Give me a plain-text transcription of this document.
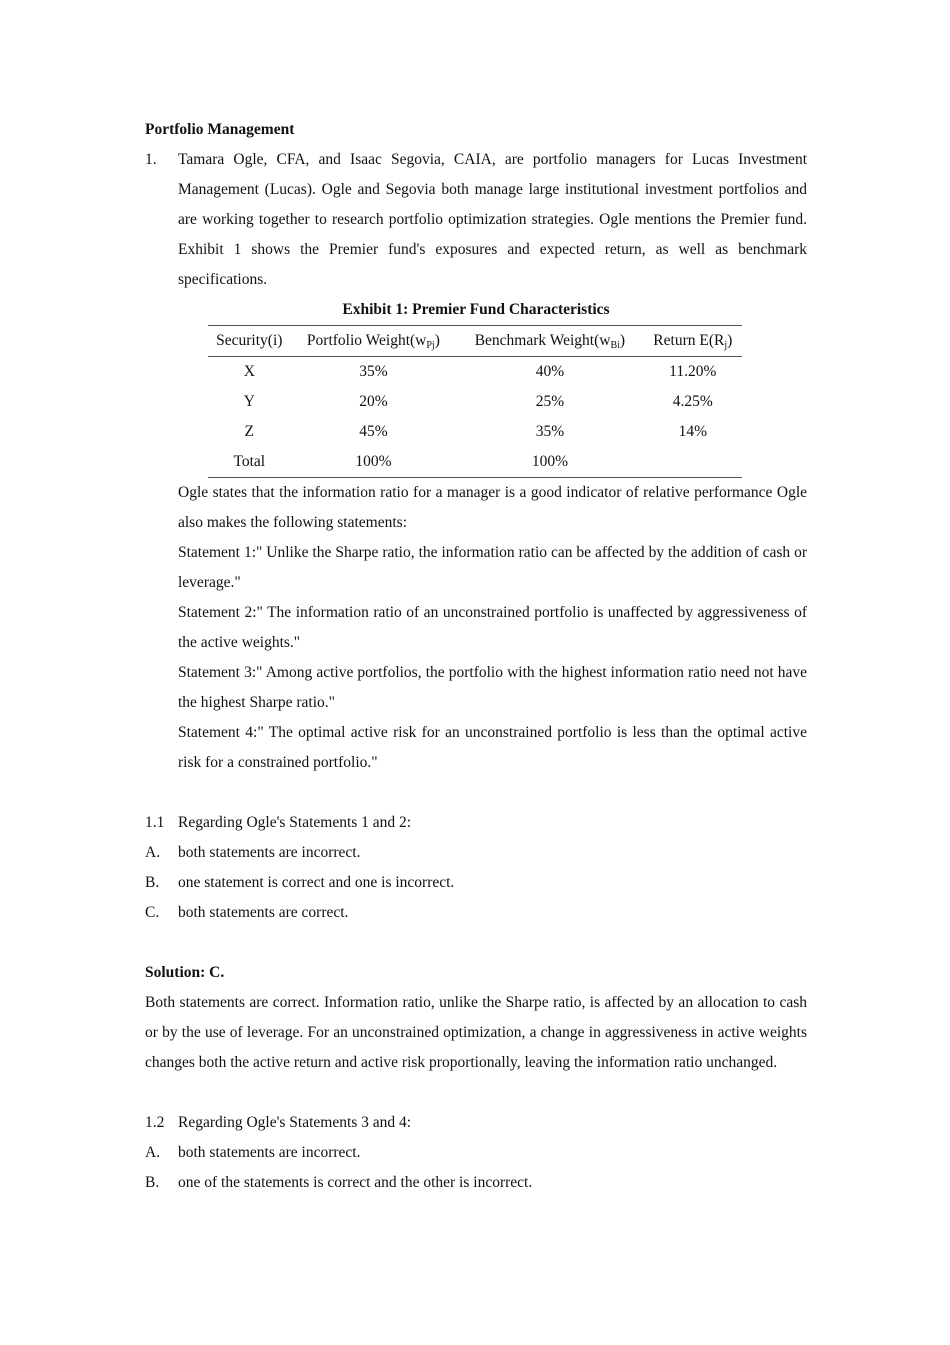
Portfolio Management
1.	Tamara Ogle, CFA, and Isaac Segovia, CAIA, are portfolio managers for Lucas Investment Management (Lucas). Ogle and Segovia both manage large institutional investment portfolios and are working together to research portfolio optimization strategies. Ogle mentions the Premier fund. Exhibit 1 shows the Premier fund's exposures and expected return, as well as benchmark specifications.
Exhibit 1: Premier Fund Characteristics
Security(i)	Portfolio $Weight(w_{Pj})$	Benchmark $Weight(w_{Bi})$	Return $E(R_j)$
X	35%	40%	11.20%
Y	20%	25%	4.25%
Z	45%	35%	14%
Total	100%	100%	
Ogle states that the information ratio for a manager is a good indicator of relative performance Ogle also makes the following statements:
Statement 1:" Unlike the Sharpe ratio, the information ratio can be affected by the addition of cash or leverage."
Statement 2:" The information ratio of an unconstrained portfolio is unaffected by aggressiveness of the active weights."
Statement 3:" Among active portfolios, the portfolio with the highest information ratio need not have the highest Sharpe ratio."
Statement 4:" The optimal active risk for an unconstrained portfolio is less than the optimal active risk for a constrained portfolio."
1.1 Regarding Ogle's Statements 1 and 2:
A.	both statements are incorrect.
B.	one statement is correct and one is incorrect.
C.	both statements are correct.
Solution: C.
Both statements are correct. Information ratio, unlike the Sharpe ratio, is affected by an allocation to cash or by the use of leverage. For an unconstrained optimization, a change in aggressiveness in active weights changes both the active return and active risk proportionally, leaving the information ratio unchanged.
1.2 Regarding Ogle's Statements 3 and 4:
A.	both statements are incorrect.
B.	one of the statements is correct and the other is incorrect.
